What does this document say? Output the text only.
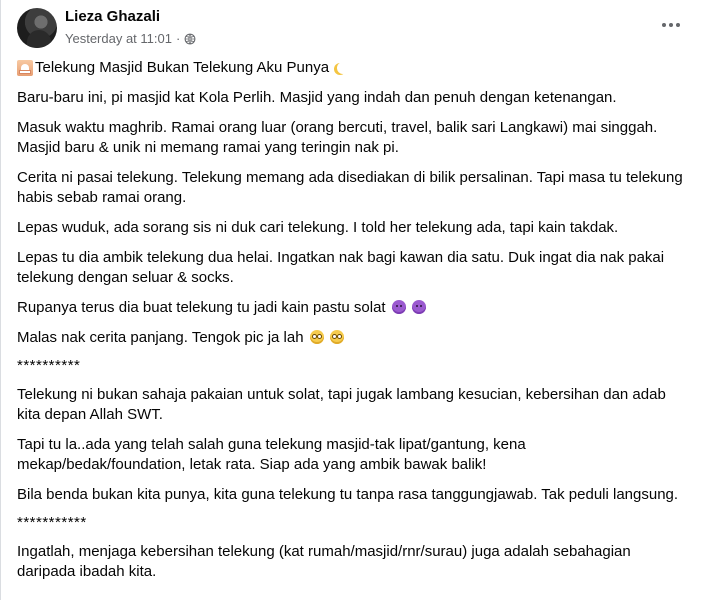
Lieza Ghazali
Yesterday at 11:01 ·
Telekung Masjid Bukan Telekung Aku Punya
Baru-baru ini, pi masjid kat Kola Perlih. Masjid yang indah dan penuh dengan ketenangan.
Masuk waktu maghrib. Ramai orang luar (orang bercuti, travel, balik sari Langkawi) mai singgah. Masjid baru & unik ni memang ramai yang teringin nak pi.
Cerita ni pasai telekung. Telekung memang ada disediakan di bilik persalinan. Tapi masa tu telekung habis sebab ramai orang.
Lepas wuduk, ada sorang sis ni duk cari telekung. I told her telekung ada, tapi kain takdak.
Lepas tu dia ambik telekung dua helai. Ingatkan nak bagi kawan dia satu. Duk ingat dia nak pakai telekung dengan seluar & socks.
Rupanya terus dia buat telekung tu jadi kain pastu solat
Malas nak cerita panjang. Tengok pic ja lah
**********
Telekung ni bukan sahaja pakaian untuk solat, tapi jugak lambang kesucian, kebersihan dan adab kita depan Allah SWT.
Tapi tu la..ada yang telah salah guna telekung masjid-tak lipat/gantung, kena mekap/bedak/foundation, letak rata. Siap ada yang ambik bawak balik!
Bila benda bukan kita punya, kita guna telekung tu tanpa rasa tanggungjawab. Tak peduli langsung.
***********
Ingatlah, menjaga kebersihan telekung (kat rumah/masjid/rnr/surau) juga adalah sebahagian daripada ibadah kita.
